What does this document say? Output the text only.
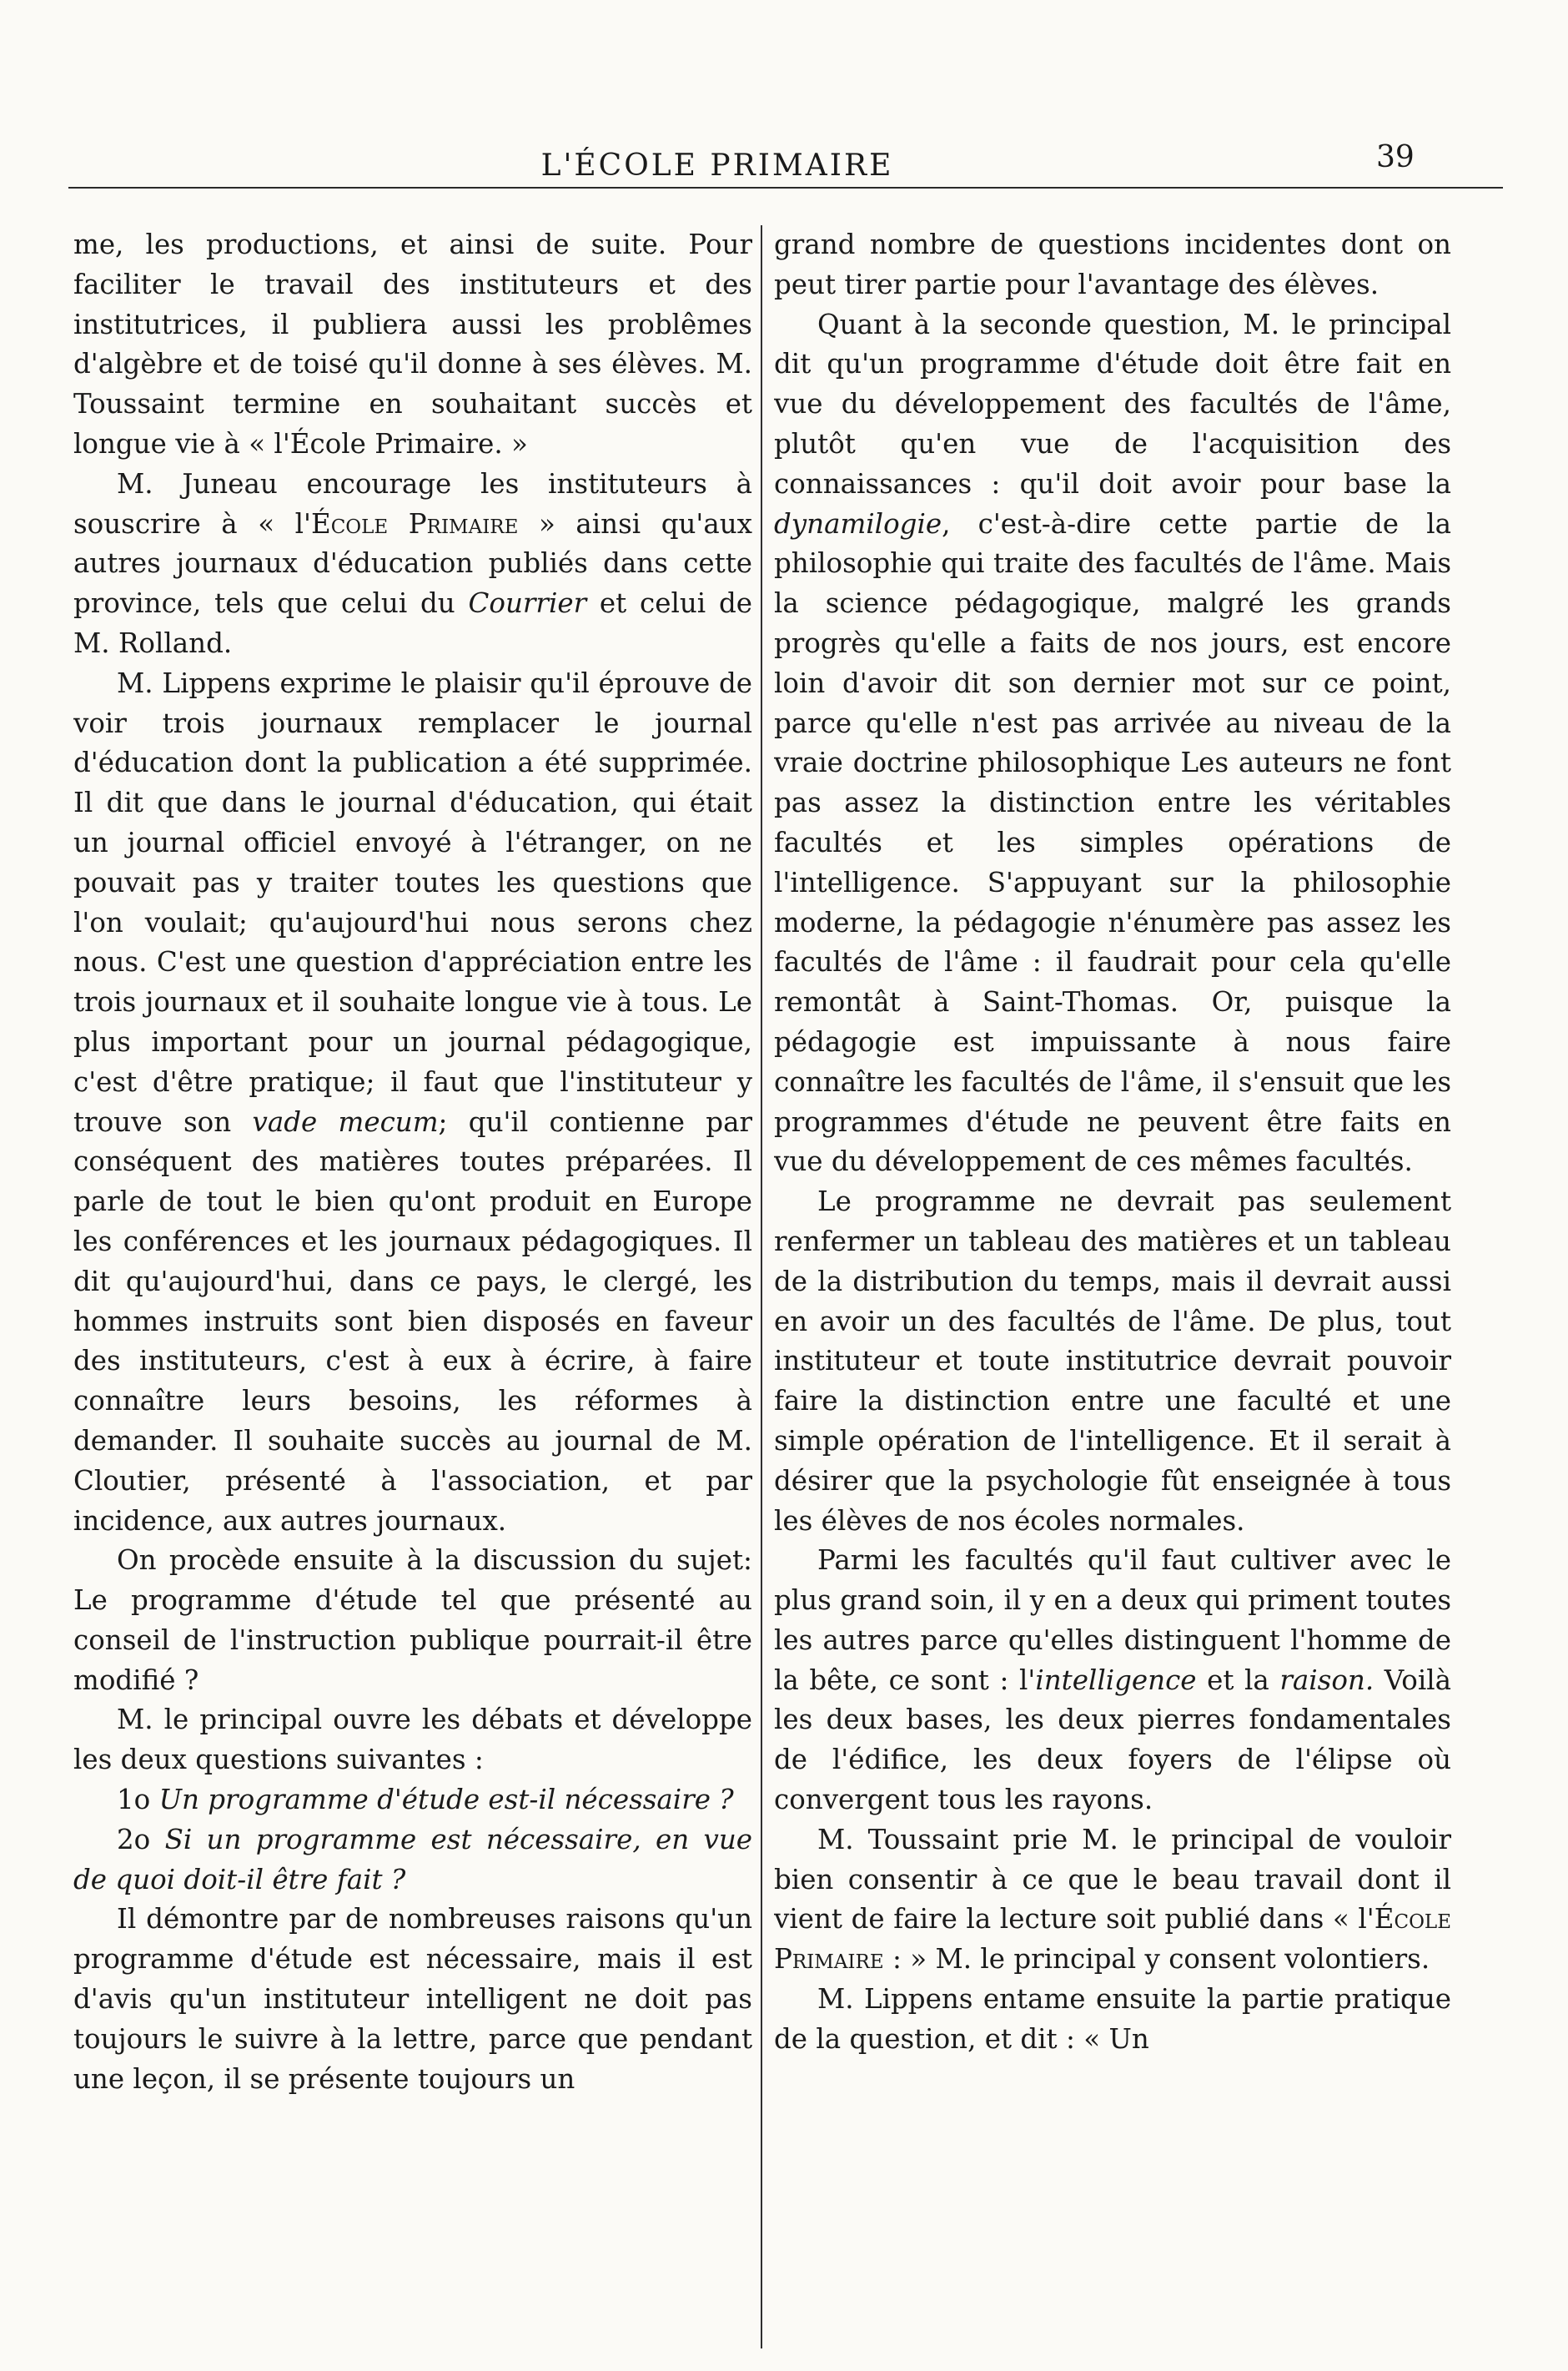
L'ÉCOLE PRIMAIRE	39

me, les productions, et ainsi de suite. Pour faciliter le travail des instituteurs et des institutrices, il publiera aussi les problêmes d'algèbre et de toisé qu'il donne à ses élèves. M. Toussaint termine en souhaitant succès et longue vie à « l'École Primaire. »

M. Juneau encourage les instituteurs à souscrire à « l'École Primaire » ainsi qu'aux autres journaux d'éducation publiés dans cette province, tels que celui du Courrier et celui de M. Rolland.

M. Lippens exprime le plaisir qu'il éprouve de voir trois journaux remplacer le journal d'éducation dont la publication a été supprimée. Il dit que dans le journal d'éducation, qui était un journal officiel envoyé à l'étranger, on ne pouvait pas y traiter toutes les questions que l'on voulait; qu'aujourd'hui nous serons chez nous. C'est une question d'appréciation entre les trois journaux et il souhaite longue vie à tous. Le plus important pour un journal pédagogique, c'est d'être pratique; il faut que l'instituteur y trouve son vade mecum; qu'il contienne par conséquent des matières toutes préparées. Il parle de tout le bien qu'ont produit en Europe les conférences et les journaux pédagogiques. Il dit qu'aujourd'hui, dans ce pays, le clergé, les hommes instruits sont bien disposés en faveur des instituteurs, c'est à eux à écrire, à faire connaître leurs besoins, les réformes à demander. Il souhaite succès au journal de M. Cloutier, présenté à l'association, et par incidence, aux autres journaux.

On procède ensuite à la discussion du sujet: Le programme d'étude tel que présenté au conseil de l'instruction publique pourrait-il être modifié ?

M. le principal ouvre les débats et développe les deux questions suivantes :

1o Un programme d'étude est-il nécessaire ?

2o Si un programme est nécessaire, en vue de quoi doit-il être fait ?

Il démontre par de nombreuses raisons qu'un programme d'étude est nécessaire, mais il est d'avis qu'un instituteur intelligent ne doit pas toujours le suivre à la lettre, parce que pendant une leçon, il se présente toujours un

grand nombre de questions incidentes dont on peut tirer partie pour l'avantage des élèves.

Quant à la seconde question, M. le principal dit qu'un programme d'étude doit être fait en vue du développement des facultés de l'âme, plutôt qu'en vue de l'acquisition des connaissances : qu'il doit avoir pour base la dynamilogie, c'est-à-dire cette partie de la philosophie qui traite des facultés de l'âme. Mais la science pédagogique, malgré les grands progrès qu'elle a faits de nos jours, est encore loin d'avoir dit son dernier mot sur ce point, parce qu'elle n'est pas arrivée au niveau de la vraie doctrine philosophique Les auteurs ne font pas assez la distinction entre les véritables facultés et les simples opérations de l'intelligence. S'appuyant sur la philosophie moderne, la pédagogie n'énumère pas assez les facultés de l'âme : il faudrait pour cela qu'elle remontât à Saint-Thomas. Or, puisque la pédagogie est impuissante à nous faire connaître les facultés de l'âme, il s'ensuit que les programmes d'étude ne peuvent être faits en vue du développement de ces mêmes facultés.

Le programme ne devrait pas seulement renfermer un tableau des matières et un tableau de la distribution du temps, mais il devrait aussi en avoir un des facultés de l'âme. De plus, tout instituteur et toute institutrice devrait pouvoir faire la distinction entre une faculté et une simple opération de l'intelligence. Et il serait à désirer que la psychologie fût enseignée à tous les élèves de nos écoles normales.

Parmi les facultés qu'il faut cultiver avec le plus grand soin, il y en a deux qui priment toutes les autres parce qu'elles distinguent l'homme de la bête, ce sont : l'intelligence et la raison. Voilà les deux bases, les deux pierres fondamentales de l'édifice, les deux foyers de l'élipse où convergent tous les rayons.

M. Toussaint prie M. le principal de vouloir bien consentir à ce que le beau travail dont il vient de faire la lecture soit publié dans « l'École Primaire : » M. le principal y consent volontiers.

M. Lippens entame ensuite la partie pratique de la question, et dit : « Un
